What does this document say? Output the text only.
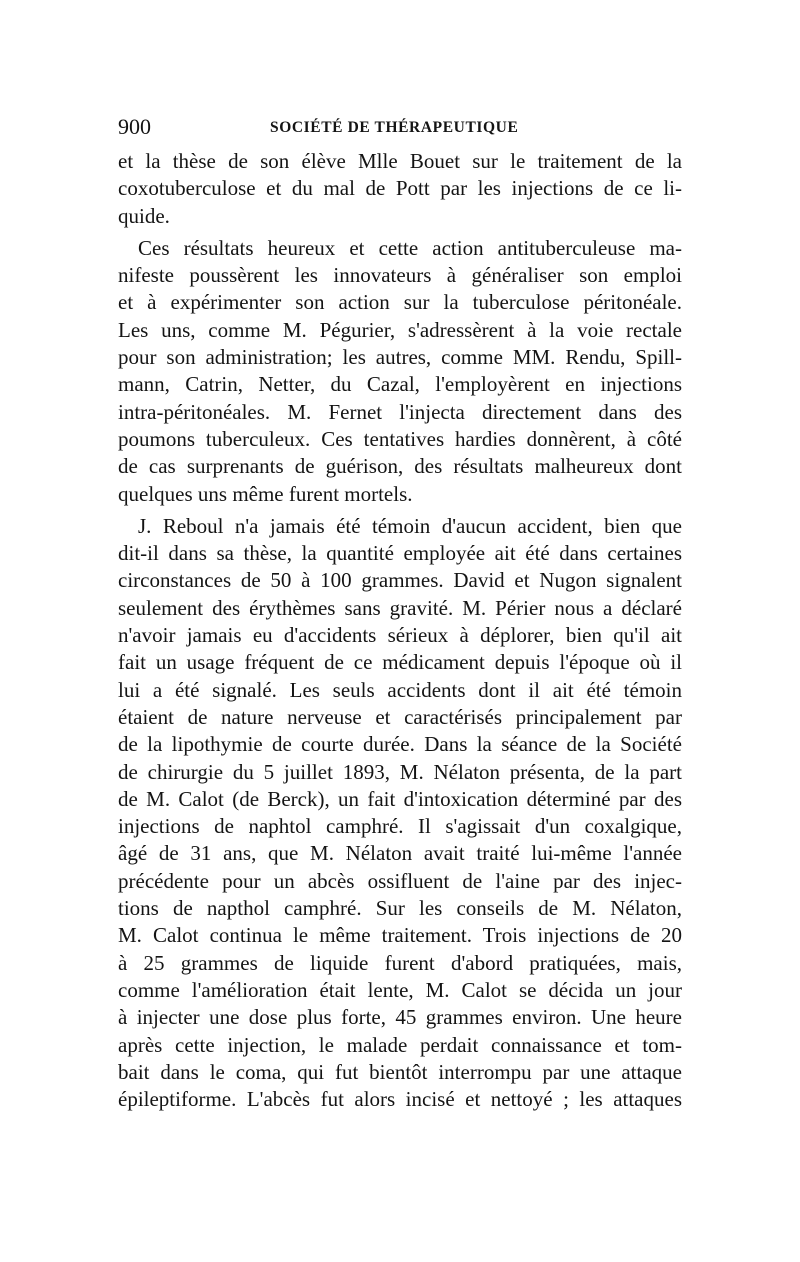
900	SOCIÉTÉ DE THÉRAPEUTIQUE
et la thèse de son élève Mlle Bouet sur le traitement de la
coxotuberculose et du mal de Pott par les injections de ce li-
quide.
Ces résultats heureux et cette action antituberculeuse ma-
nifeste poussèrent les innovateurs à généraliser son emploi
et à expérimenter son action sur la tuberculose péritonéale.
Les uns, comme M. Pégurier, s'adressèrent à la voie rectale
pour son administration; les autres, comme MM. Rendu, Spill-
mann, Catrin, Netter, du Cazal, l'employèrent en injections
intra-péritonéales. M. Fernet l'injecta directement dans des
poumons tuberculeux. Ces tentatives hardies donnèrent, à côté
de cas surprenants de guérison, des résultats malheureux dont
quelques uns même furent mortels.
J. Reboul n'a jamais été témoin d'aucun accident, bien que
dit-il dans sa thèse, la quantité employée ait été dans certaines
circonstances de 50 à 100 grammes. David et Nugon signalent
seulement des érythèmes sans gravité. M. Périer nous a déclaré
n'avoir jamais eu d'accidents sérieux à déplorer, bien qu'il ait
fait un usage fréquent de ce médicament depuis l'époque où il
lui a été signalé. Les seuls accidents dont il ait été témoin
étaient de nature nerveuse et caractérisés principalement par
de la lipothymie de courte durée. Dans la séance de la Société
de chirurgie du 5 juillet 1893, M. Nélaton présenta, de la part
de M. Calot (de Berck), un fait d'intoxication déterminé par des
injections de naphtol camphré. Il s'agissait d'un coxalgique,
âgé de 31 ans, que M. Nélaton avait traité lui-même l'année
précédente pour un abcès ossifluent de l'aine par des injec-
tions de napthol camphré. Sur les conseils de M. Nélaton,
M. Calot continua le même traitement. Trois injections de 20
à 25 grammes de liquide furent d'abord pratiquées, mais,
comme l'amélioration était lente, M. Calot se décida un jour
à injecter une dose plus forte, 45 grammes environ. Une heure
après cette injection, le malade perdait connaissance et tom-
bait dans le coma, qui fut bientôt interrompu par une attaque
épileptiforme. L'abcès fut alors incisé et nettoyé ; les attaques
